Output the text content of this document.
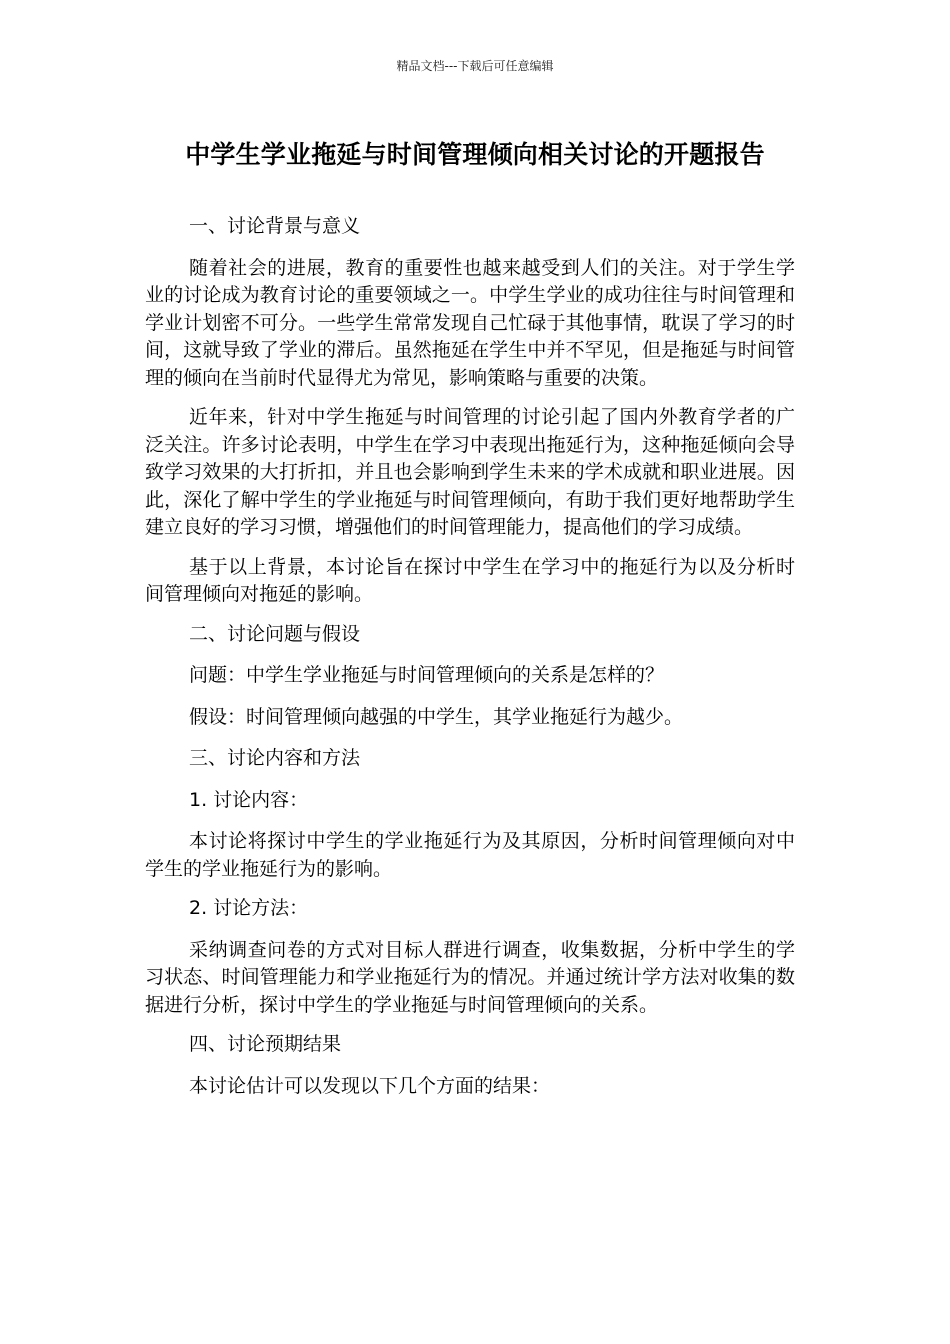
精品文档---下载后可任意编辑
中学生学业拖延与时间管理倾向相关讨论的开题报告
一、讨论背景与意义
随着社会的进展，教育的重要性也越来越受到人们的关注。对于学生学业的讨论成为教育讨论的重要领域之一。中学生学业的成功往往与时间管理和学业计划密不可分。一些学生常常发现自己忙碌于其他事情，耽误了学习的时间，这就导致了学业的滞后。虽然拖延在学生中并不罕见，但是拖延与时间管理的倾向在当前时代显得尤为常见，影响策略与重要的决策。
近年来，针对中学生拖延与时间管理的讨论引起了国内外教育学者的广泛关注。许多讨论表明，中学生在学习中表现出拖延行为，这种拖延倾向会导致学习效果的大打折扣，并且也会影响到学生未来的学术成就和职业进展。因此，深化了解中学生的学业拖延与时间管理倾向，有助于我们更好地帮助学生建立良好的学习习惯，增强他们的时间管理能力，提高他们的学习成绩。
基于以上背景，本讨论旨在探讨中学生在学习中的拖延行为以及分析时间管理倾向对拖延的影响。
二、讨论问题与假设
问题：中学生学业拖延与时间管理倾向的关系是怎样的？
假设：时间管理倾向越强的中学生，其学业拖延行为越少。
三、讨论内容和方法
1. 讨论内容：
本讨论将探讨中学生的学业拖延行为及其原因，分析时间管理倾向对中学生的学业拖延行为的影响。
2. 讨论方法：
采纳调查问卷的方式对目标人群进行调查，收集数据，分析中学生的学习状态、时间管理能力和学业拖延行为的情况。并通过统计学方法对收集的数据进行分析，探讨中学生的学业拖延与时间管理倾向的关系。
四、讨论预期结果
本讨论估计可以发现以下几个方面的结果：
